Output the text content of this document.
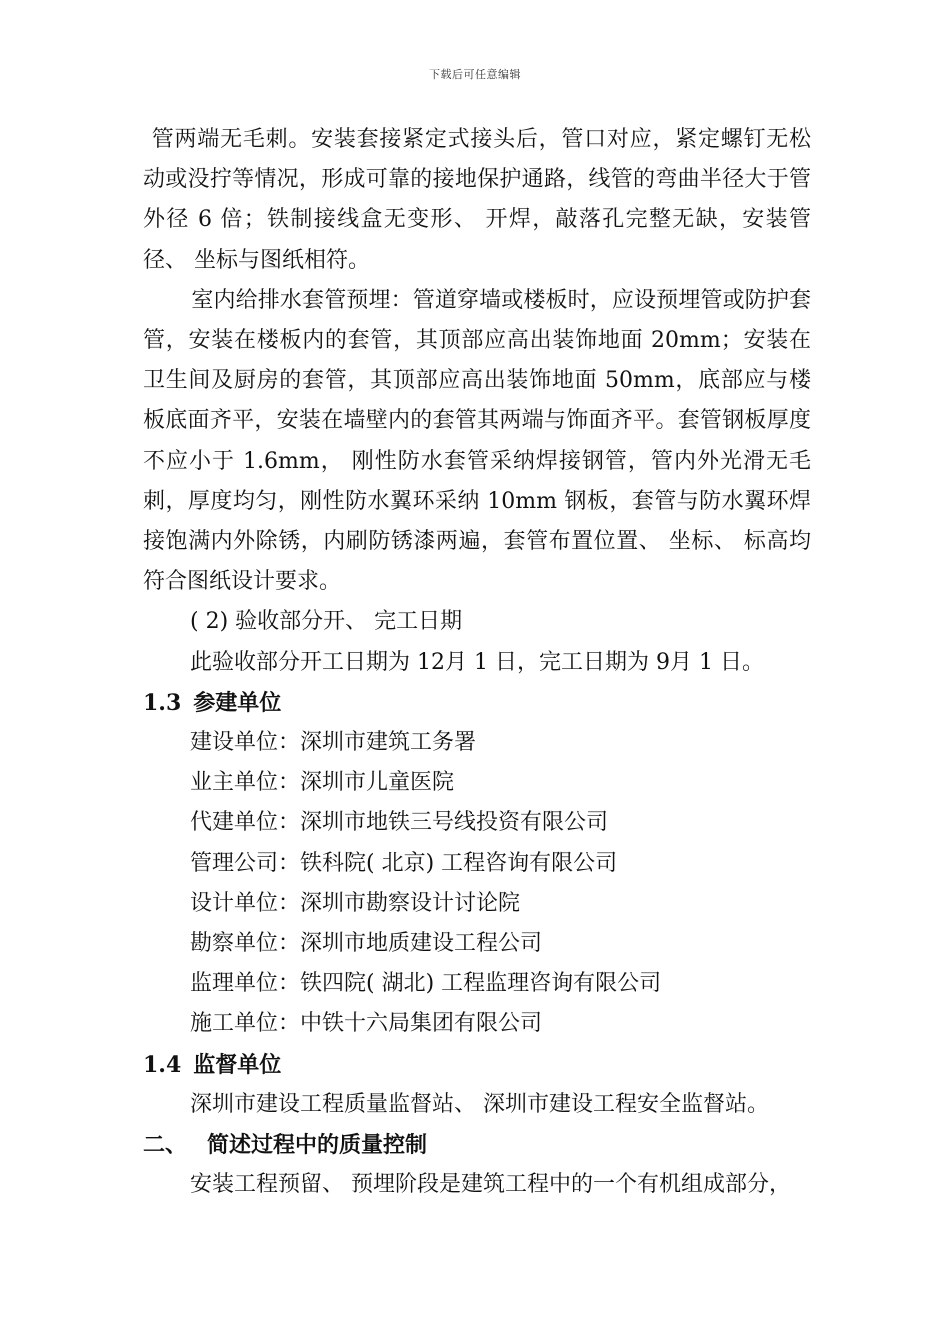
下载后可任意编辑

管两端无毛刺。安装套接紧定式接头后，管口对应，紧定螺钉无松动或没拧等情况，形成可靠的接地保护通路，线管的弯曲半径大于管外径 6 倍；铁制接线盒无变形、 开焊，敲落孔完整无缺，安装管径、 坐标与图纸相符。

室内给排水套管预埋：管道穿墙或楼板时，应设预埋管或防护套管，安装在楼板内的套管，其顶部应高出装饰地面 20mm；安装在卫生间及厨房的套管，其顶部应高出装饰地面 50mm，底部应与楼板底面齐平，安装在墙壁内的套管其两端与饰面齐平。套管钢板厚度不应小于 1.6mm， 刚性防水套管采纳焊接钢管，管内外光滑无毛刺，厚度均匀，刚性防水翼环采纳 10mm 钢板，套管与防水翼环焊接饱满内外除锈，内刷防锈漆两遍，套管布置位置、 坐标、 标高均符合图纸设计要求。

( 2) 验收部分开、 完工日期

此验收部分开工日期为 12月 1 日，完工日期为 9月 1 日。

1.3 参建单位

建设单位：深圳市建筑工务署

业主单位：深圳市儿童医院

代建单位：深圳市地铁三号线投资有限公司

管理公司：铁科院( 北京) 工程咨询有限公司

设计单位：深圳市勘察设计讨论院

勘察单位：深圳市地质建设工程公司

监理单位：铁四院( 湖北) 工程监理咨询有限公司

施工单位：中铁十六局集团有限公司

1.4 监督单位

深圳市建设工程质量监督站、 深圳市建设工程安全监督站。

二、 简述过程中的质量控制

安装工程预留、 预埋阶段是建筑工程中的一个有机组成部分，
